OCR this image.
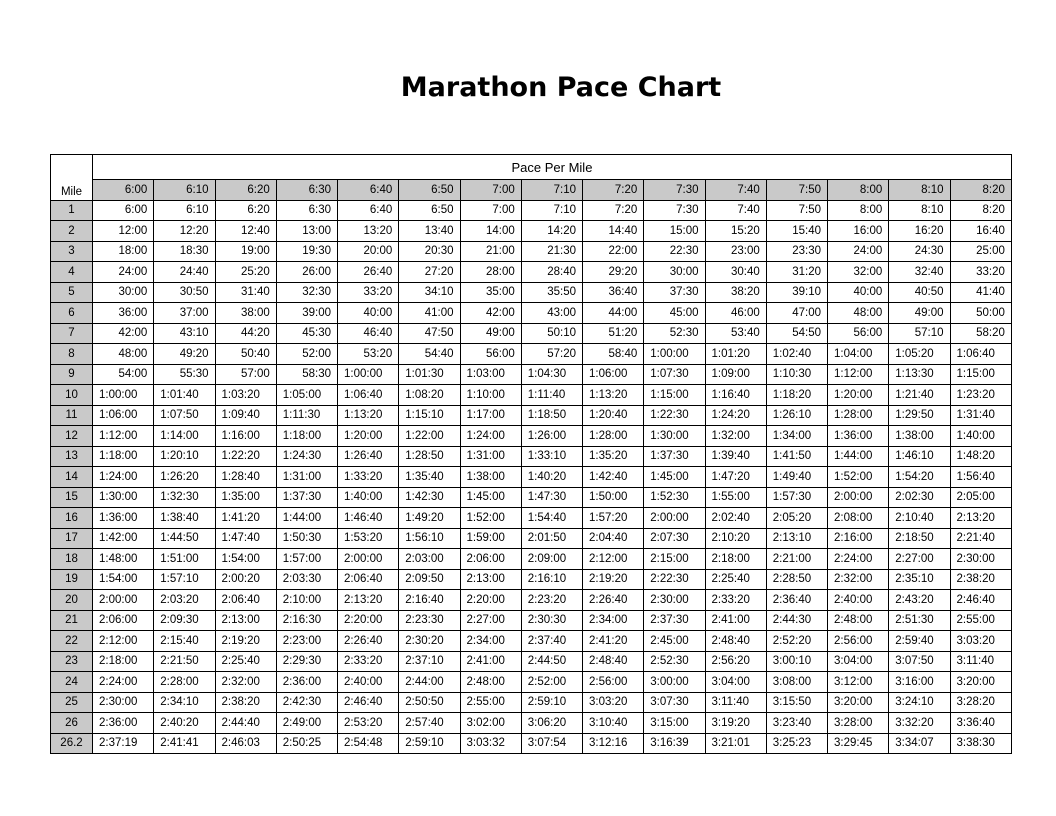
Marathon Pace Chart
Mile	Pace Per Mile														
	6:00	6:10	6:20	6:30	6:40	6:50	7:00	7:10	7:20	7:30	7:40	7:50	8:00	8:10	8:20
1	6:00	6:10	6:20	6:30	6:40	6:50	7:00	7:10	7:20	7:30	7:40	7:50	8:00	8:10	8:20
2	12:00	12:20	12:40	13:00	13:20	13:40	14:00	14:20	14:40	15:00	15:20	15:40	16:00	16:20	16:40
3	18:00	18:30	19:00	19:30	20:00	20:30	21:00	21:30	22:00	22:30	23:00	23:30	24:00	24:30	25:00
4	24:00	24:40	25:20	26:00	26:40	27:20	28:00	28:40	29:20	30:00	30:40	31:20	32:00	32:40	33:20
5	30:00	30:50	31:40	32:30	33:20	34:10	35:00	35:50	36:40	37:30	38:20	39:10	40:00	40:50	41:40
6	36:00	37:00	38:00	39:00	40:00	41:00	42:00	43:00	44:00	45:00	46:00	47:00	48:00	49:00	50:00
7	42:00	43:10	44:20	45:30	46:40	47:50	49:00	50:10	51:20	52:30	53:40	54:50	56:00	57:10	58:20
8	48:00	49:20	50:40	52:00	53:20	54:40	56:00	57:20	58:40	1:00:00	1:01:20	1:02:40	1:04:00	1:05:20	1:06:40
9	54:00	55:30	57:00	58:30	1:00:00	1:01:30	1:03:00	1:04:30	1:06:00	1:07:30	1:09:00	1:10:30	1:12:00	1:13:30	1:15:00
10	1:00:00	1:01:40	1:03:20	1:05:00	1:06:40	1:08:20	1:10:00	1:11:40	1:13:20	1:15:00	1:16:40	1:18:20	1:20:00	1:21:40	1:23:20
11	1:06:00	1:07:50	1:09:40	1:11:30	1:13:20	1:15:10	1:17:00	1:18:50	1:20:40	1:22:30	1:24:20	1:26:10	1:28:00	1:29:50	1:31:40
12	1:12:00	1:14:00	1:16:00	1:18:00	1:20:00	1:22:00	1:24:00	1:26:00	1:28:00	1:30:00	1:32:00	1:34:00	1:36:00	1:38:00	1:40:00
13	1:18:00	1:20:10	1:22:20	1:24:30	1:26:40	1:28:50	1:31:00	1:33:10	1:35:20	1:37:30	1:39:40	1:41:50	1:44:00	1:46:10	1:48:20
14	1:24:00	1:26:20	1:28:40	1:31:00	1:33:20	1:35:40	1:38:00	1:40:20	1:42:40	1:45:00	1:47:20	1:49:40	1:52:00	1:54:20	1:56:40
15	1:30:00	1:32:30	1:35:00	1:37:30	1:40:00	1:42:30	1:45:00	1:47:30	1:50:00	1:52:30	1:55:00	1:57:30	2:00:00	2:02:30	2:05:00
16	1:36:00	1:38:40	1:41:20	1:44:00	1:46:40	1:49:20	1:52:00	1:54:40	1:57:20	2:00:00	2:02:40	2:05:20	2:08:00	2:10:40	2:13:20
17	1:42:00	1:44:50	1:47:40	1:50:30	1:53:20	1:56:10	1:59:00	2:01:50	2:04:40	2:07:30	2:10:20	2:13:10	2:16:00	2:18:50	2:21:40
18	1:48:00	1:51:00	1:54:00	1:57:00	2:00:00	2:03:00	2:06:00	2:09:00	2:12:00	2:15:00	2:18:00	2:21:00	2:24:00	2:27:00	2:30:00
19	1:54:00	1:57:10	2:00:20	2:03:30	2:06:40	2:09:50	2:13:00	2:16:10	2:19:20	2:22:30	2:25:40	2:28:50	2:32:00	2:35:10	2:38:20
20	2:00:00	2:03:20	2:06:40	2:10:00	2:13:20	2:16:40	2:20:00	2:23:20	2:26:40	2:30:00	2:33:20	2:36:40	2:40:00	2:43:20	2:46:40
21	2:06:00	2:09:30	2:13:00	2:16:30	2:20:00	2:23:30	2:27:00	2:30:30	2:34:00	2:37:30	2:41:00	2:44:30	2:48:00	2:51:30	2:55:00
22	2:12:00	2:15:40	2:19:20	2:23:00	2:26:40	2:30:20	2:34:00	2:37:40	2:41:20	2:45:00	2:48:40	2:52:20	2:56:00	2:59:40	3:03:20
23	2:18:00	2:21:50	2:25:40	2:29:30	2:33:20	2:37:10	2:41:00	2:44:50	2:48:40	2:52:30	2:56:20	3:00:10	3:04:00	3:07:50	3:11:40
24	2:24:00	2:28:00	2:32:00	2:36:00	2:40:00	2:44:00	2:48:00	2:52:00	2:56:00	3:00:00	3:04:00	3:08:00	3:12:00	3:16:00	3:20:00
25	2:30:00	2:34:10	2:38:20	2:42:30	2:46:40	2:50:50	2:55:00	2:59:10	3:03:20	3:07:30	3:11:40	3:15:50	3:20:00	3:24:10	3:28:20
26	2:36:00	2:40:20	2:44:40	2:49:00	2:53:20	2:57:40	3:02:00	3:06:20	3:10:40	3:15:00	3:19:20	3:23:40	3:28:00	3:32:20	3:36:40
26.2	2:37:19	2:41:41	2:46:03	2:50:25	2:54:48	2:59:10	3:03:32	3:07:54	3:12:16	3:16:39	3:21:01	3:25:23	3:29:45	3:34:07	3:38:30
